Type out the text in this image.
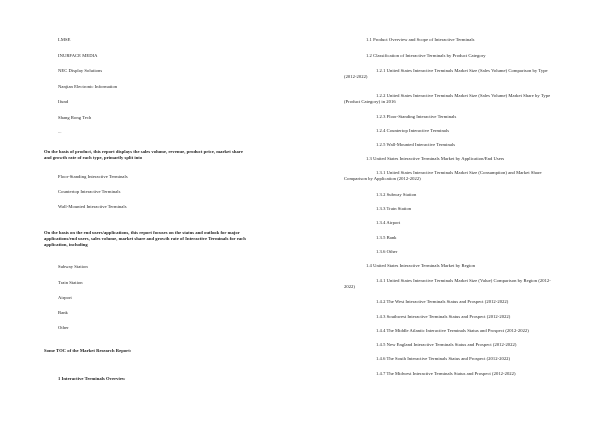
LMSE
INURFACE MEDIA
NEC Display Solutions
Nanjian Electronic Information
Ifund
Shang Rong Tech
...
On the basis of product, this report displays the sales volume, revenue, product price, market share and growth rate of each type, primarily split into
Floor-Standing Interactive Terminals
Countertop Interactive Terminals
Wall-Mounted Interactive Terminals
On the basis on the end users/applications, this report focuses on the status and outlook for major applications/end users, sales volume, market share and growth rate of Interactive Terminals for each application, including
Subway Station
Train Station
Airport
Bank
Other
Some TOC of the Market Research Report:
1 Interactive Terminals Overview
1.1 Product Overview and Scope of Interactive Terminals
1.2 Classification of Interactive Terminals by Product Category
1.2.1 United States Interactive Terminals Market Size (Sales Volume) Comparison by Type (2012-2022)
1.2.2 United States Interactive Terminals Market Size (Sales Volume) Market Share by Type (Product Category) in 2016
1.2.3 Floor-Standing Interactive Terminals
1.2.4 Countertop Interactive Terminals
1.2.5 Wall-Mounted Interactive Terminals
1.3 United States Interactive Terminals Market by Application/End Users
1.3.1 United States Interactive Terminals Market Size (Consumption) and Market Share Comparison by Application (2012-2022)
1.3.2 Subway Station
1.3.3 Train Station
1.3.4 Airport
1.3.5 Bank
1.3.6 Other
1.4 United States Interactive Terminals Market by Region
1.4.1 United States Interactive Terminals Market Size (Value) Comparison by Region (2012-2022)
1.4.2 The West Interactive Terminals Status and Prospect (2012-2022)
1.4.3 Southwest Interactive Terminals Status and Prospect (2012-2022)
1.4.4 The Middle Atlantic Interactive Terminals Status and Prospect (2012-2022)
1.4.5 New England Interactive Terminals Status and Prospect (2012-2022)
1.4.6 The South Interactive Terminals Status and Prospect (2012-2022)
1.4.7 The Midwest Interactive Terminals Status and Prospect (2012-2022)
